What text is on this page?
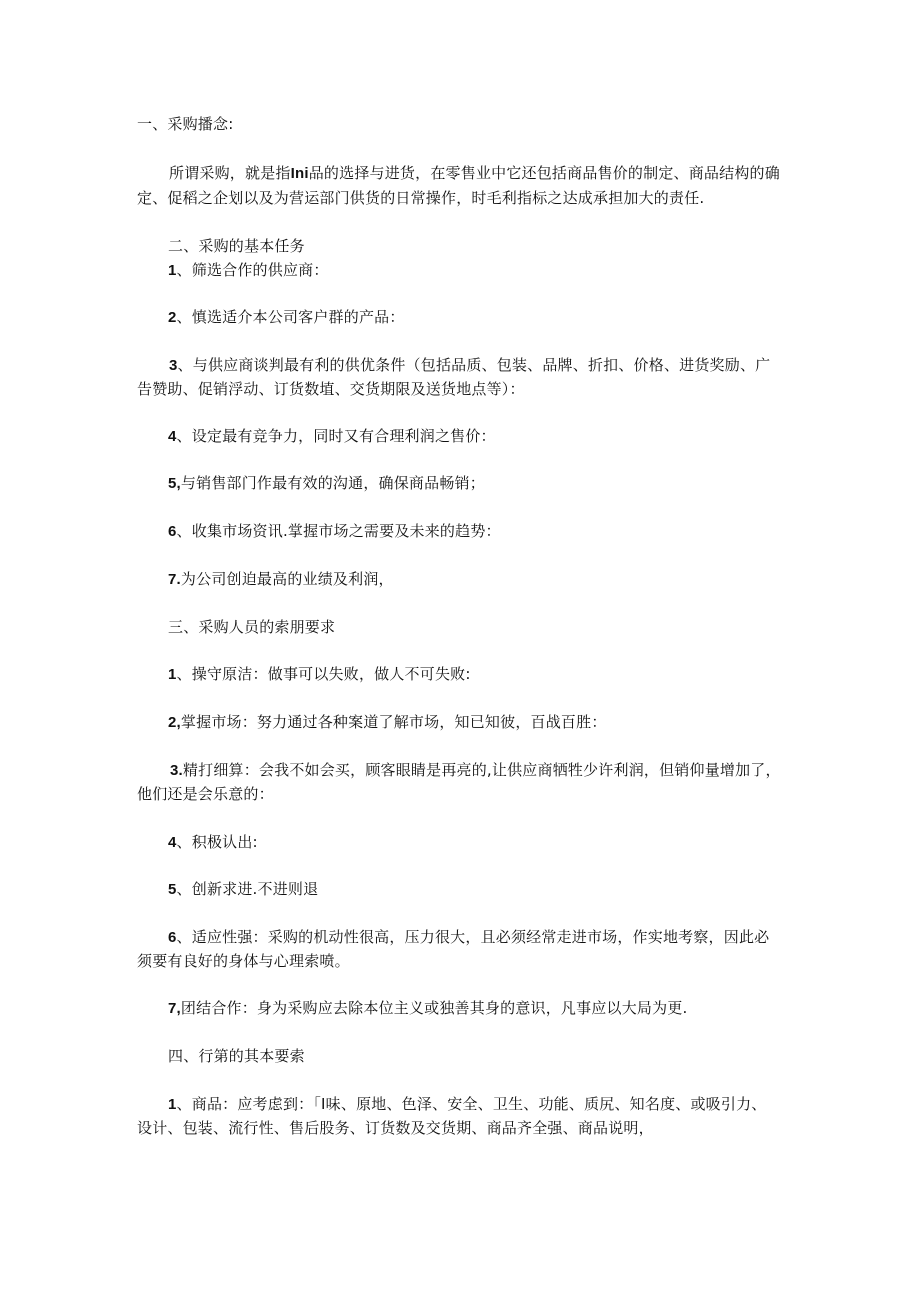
一、采购播念:
所谓采购，就是指Ini品的选择与进货，在零售业中它还包括商品售价的制定、商品结构的确
定、促稻之企划以及为营运部门供货的日常操作，时毛利指标之达成承担加大的责任.
二、采购的基本任务
1、筛选合作的供应商：
2、慎选适介本公司客户群的产品：
3、与供应商谈判最有利的供优条件（包括品质、包装、品牌、折扣、价格、进货奖励、广
告赞助、促销浮动、订货数埴、交货期限及送货地点等）：
4、设定最有竞争力，同时又有合理利润之售价：
5,与销售部门作最有效的沟通，确保商品畅销；
6、收集市场资讯.掌握市场之需要及未来的趋势：
7.为公司创迫最高的业绩及利润，
三、采购人员的索朋要求
1、操守原洁：做事可以失败，做人不可失败:
2,掌握市场：努力通过各种案道了解市场，知已知彼，百战百胜：
3.精打细算：会我不如会买，顾客眼睛是再亮的,让供应商牺牲少许利润，但销仰量增加了，
他们还是会乐意的：
4、积极认出:
5、创新求进.不进则退
6、适应性强：采购的机动性很高，压力很大，且必须经常走进市场，作实地考察，因此必
须要有良好的身体与心理索喷。
7,团结合作：身为采购应去除本位主义或独善其身的意识，凡事应以大局为更.
四、行第的其本要索
1、商品：应考虑到：「I味、原地、色泽、安全、卫生、功能、质尻、知名度、或吸引力、
设计、包装、流行性、售后股务、订货数及交货期、商品齐全强、商品说明，
